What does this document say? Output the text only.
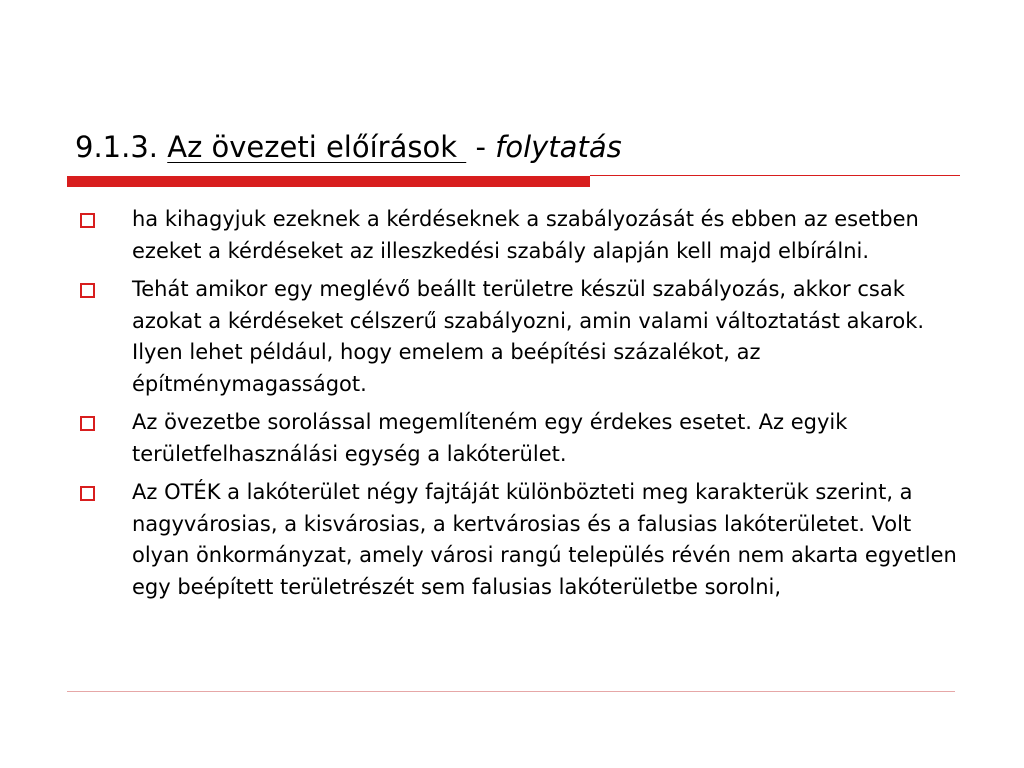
9.1.3. Az övezeti előírások  - folytatás
ha kihagyjuk ezeknek a kérdéseknek a szabályozását és ebben az esetben ezeket a kérdéseket az illeszkedési szabály alapján kell majd elbírálni.
Tehát amikor egy meglévő beállt területre készül szabályozás, akkor csak azokat a kérdéseket célszerű szabályozni, amin valami változtatást akarok. Ilyen lehet például, hogy emelem a beépítési százalékot, az építménymagasságot.
Az övezetbe sorolással megemlíteném egy érdekes esetet. Az egyik területfelhasználási egység a lakóterület.
Az OTÉK a lakóterület négy fajtáját különbözteti meg karakterük szerint, a nagyvárosias, a kisvárosias, a kertvárosias és a falusias lakóterületet. Volt olyan önkormányzat, amely városi rangú település révén nem akarta egyetlen egy beépített területrészét sem falusias lakóterületbe sorolni,
